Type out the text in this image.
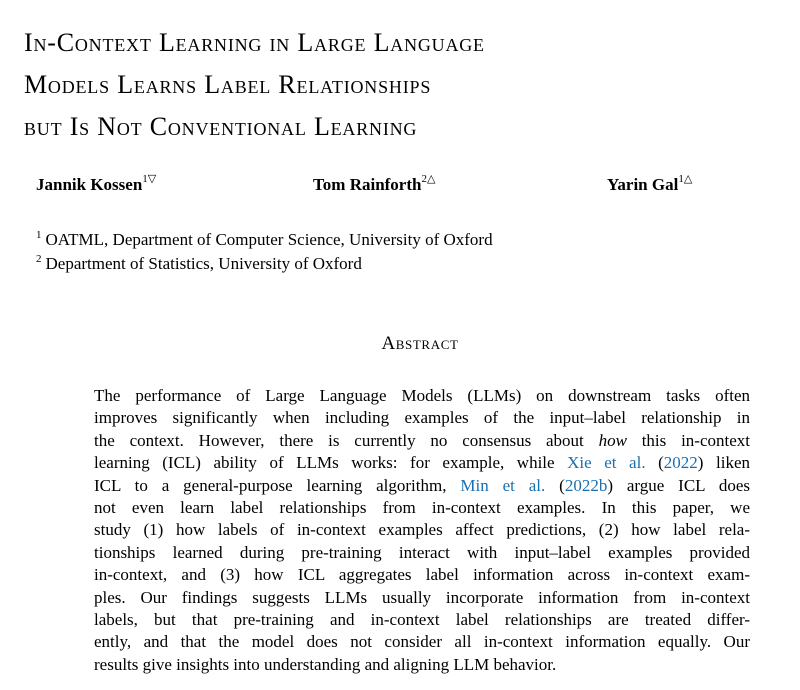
In-Context Learning in Large Language
Models Learns Label Relationships
but Is Not Conventional Learning
Jannik Kossen$^{1▽}$	Tom Rainforth$^{2\triangle}$	Yarin Gal$^{1\triangle}$
$^1$ OATML, Department of Computer Science, University of Oxford
$^2$ Department of Statistics, University of Oxford
Abstract
The performance of Large Language Models (LLMs) on downstream tasks often
improves significantly when including examples of the input–label relationship in
the context. However, there is currently no consensus about how this in-context
learning (ICL) ability of LLMs works: for example, while Xie et al. (2022) liken
ICL to a general-purpose learning algorithm, Min et al. (2022b) argue ICL does
not even learn label relationships from in-context examples. In this paper, we
study (1) how labels of in-context examples affect predictions, (2) how label rela-
tionships learned during pre-training interact with input–label examples provided
in-context, and (3) how ICL aggregates label information across in-context exam-
ples. Our findings suggests LLMs usually incorporate information from in-context
labels, but that pre-training and in-context label relationships are treated differ-
ently, and that the model does not consider all in-context information equally. Our
results give insights into understanding and aligning LLM behavior.
